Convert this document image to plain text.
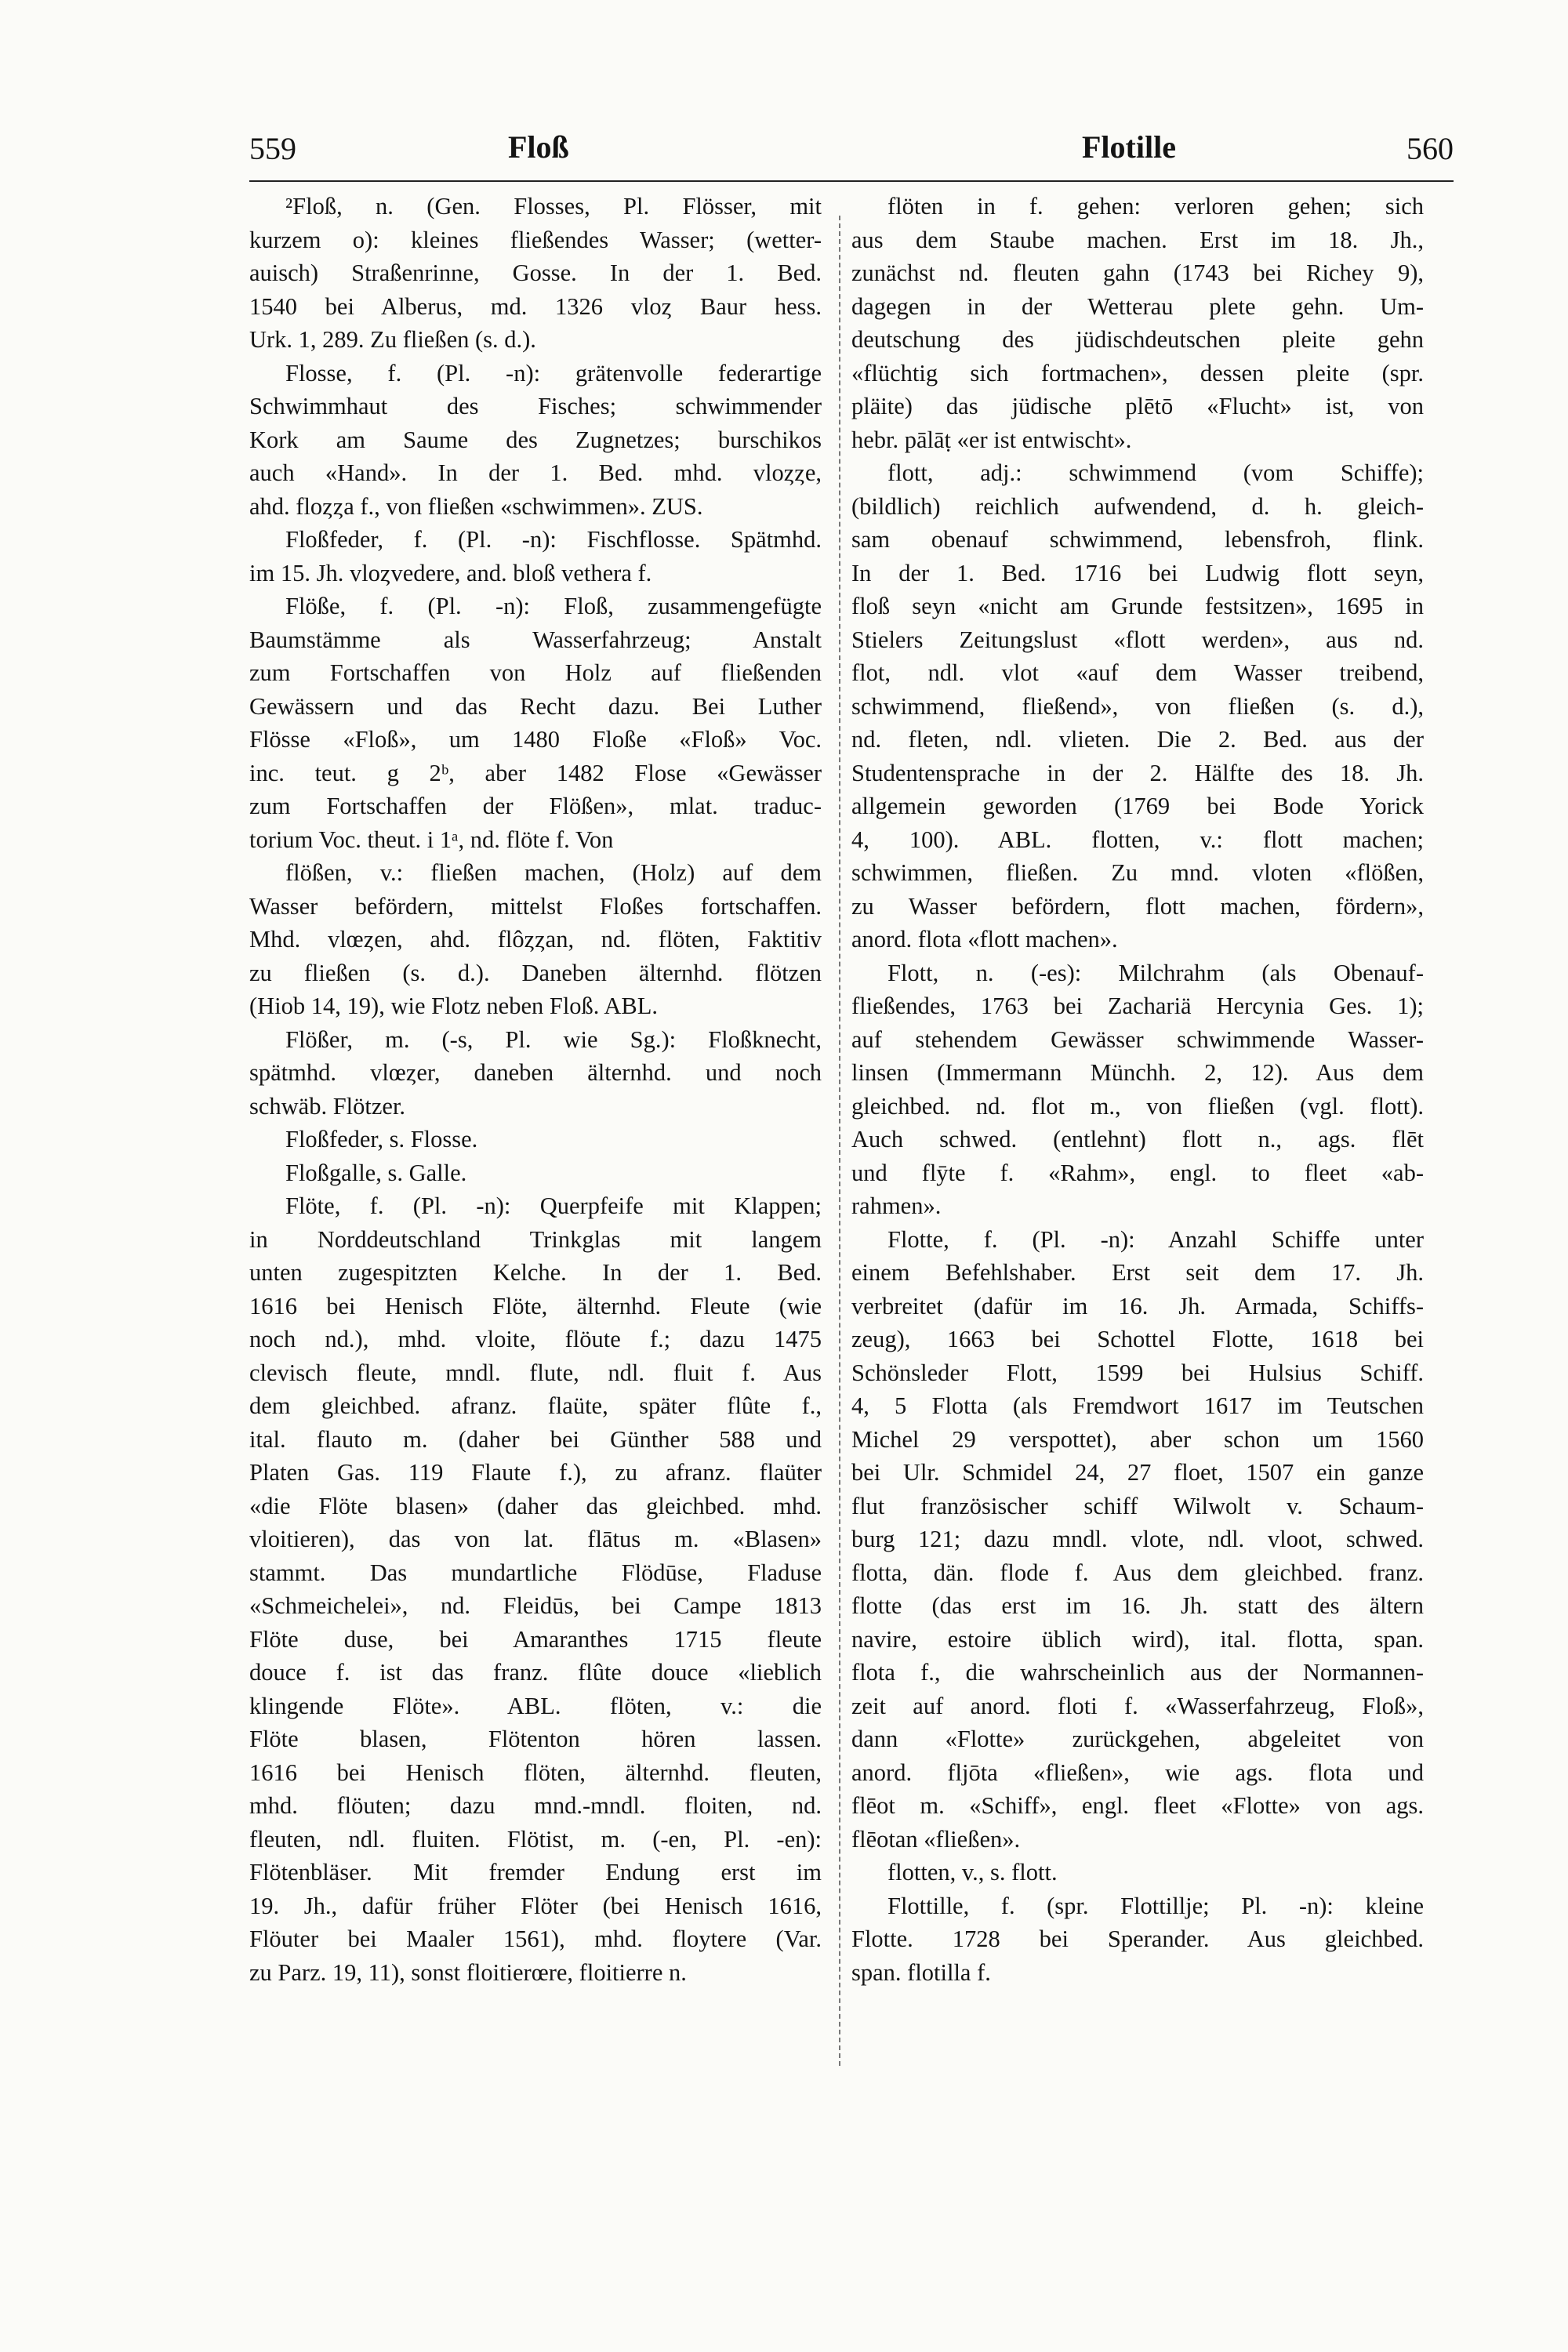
559	Floß	Flotille	560
²Floß, n. (Gen. Flosses, Pl. Flösser, mit
kurzem o): kleines fließendes Wasser; (wetter-
auisch) Straßenrinne, Gosse. In der 1. Bed.
1540 bei Alberus, md. 1326 vloȥ Baur hess.
Urk. 1, 289. Zu fließen (s. d.).
Flosse, f. (Pl. -n): grätenvolle federartige
Schwimmhaut des Fisches; schwimmender
Kork am Saume des Zugnetzes; burschikos
auch «Hand». In der 1. Bed. mhd. vloȥȥe,
ahd. floȥȥa f., von fließen «schwimmen». ZUS.
Floßfeder, f. (Pl. -n): Fischflosse. Spätmhd.
im 15. Jh. vloȥvedere, and. bloß vethera f.
Flöße, f. (Pl. -n): Floß, zusammengefügte
Baumstämme als Wasserfahrzeug; Anstalt
zum Fortschaffen von Holz auf fließenden
Gewässern und das Recht dazu. Bei Luther
Flösse «Floß», um 1480 Floße «Floß» Voc.
inc. teut. g 2ᵇ, aber 1482 Flose «Gewässer
zum Fortschaffen der Flößen», mlat. traduc-
torium Voc. theut. i 1ᵃ, nd. flöte f. Von
flößen, v.: fließen machen, (Holz) auf dem
Wasser befördern, mittelst Floßes fortschaffen.
Mhd. vlœȥen, ahd. flôȥȥan, nd. flöten, Faktitiv
zu fließen (s. d.). Daneben älternhd. flötzen
(Hiob 14, 19), wie Flotz neben Floß. ABL.
Flößer, m. (-s, Pl. wie Sg.): Floßknecht,
spätmhd. vlœȥer, daneben älternhd. und noch
schwäb. Flötzer.
Floßfeder, s. Flosse.
Floßgalle, s. Galle.
Flöte, f. (Pl. -n): Querpfeife mit Klappen;
in Norddeutschland Trinkglas mit langem
unten zugespitzten Kelche. In der 1. Bed.
1616 bei Henisch Flöte, älternhd. Fleute (wie
noch nd.), mhd. vloite, flöute f.; dazu 1475
clevisch fleute, mndl. flute, ndl. fluit f. Aus
dem gleichbed. afranz. flaüte, später flûte f.,
ital. flauto m. (daher bei Günther 588 und
Platen Gas. 119 Flaute f.), zu afranz. flaüter
«die Flöte blasen» (daher das gleichbed. mhd.
vloitieren), das von lat. flātus m. «Blasen»
stammt. Das mundartliche Flödūse, Fladuse
«Schmeichelei», nd. Fleidūs, bei Campe 1813
Flöte duse, bei Amaranthes 1715 fleute
douce f. ist das franz. flûte douce «lieblich
klingende Flöte». ABL. flöten, v.: die
Flöte blasen, Flötenton hören lassen.
1616 bei Henisch flöten, älternhd. fleuten,
mhd. flöuten; dazu mnd.-mndl. floiten, nd.
fleuten, ndl. fluiten. Flötist, m. (-en, Pl. -en):
Flötenbläser. Mit fremder Endung erst im
19. Jh., dafür früher Flöter (bei Henisch 1616,
Flöuter bei Maaler 1561), mhd. floytere (Var.
zu Parz. 19, 11), sonst floitierœre, floitierre n.
flöten in f. gehen: verloren gehen; sich
aus dem Staube machen. Erst im 18. Jh.,
zunächst nd. fleuten gahn (1743 bei Richey 9),
dagegen in der Wetterau plete gehn. Um-
deutschung des jüdischdeutschen pleite gehn
«flüchtig sich fortmachen», dessen pleite (spr.
pläite) das jüdische plētō «Flucht» ist, von
hebr. pālāṭ «er ist entwischt».
flott, adj.: schwimmend (vom Schiffe);
(bildlich) reichlich aufwendend, d. h. gleich-
sam obenauf schwimmend, lebensfroh, flink.
In der 1. Bed. 1716 bei Ludwig flott seyn,
floß seyn «nicht am Grunde festsitzen», 1695 in
Stielers Zeitungslust «flott werden», aus nd.
flot, ndl. vlot «auf dem Wasser treibend,
schwimmend, fließend», von fließen (s. d.),
nd. fleten, ndl. vlieten. Die 2. Bed. aus der
Studentensprache in der 2. Hälfte des 18. Jh.
allgemein geworden (1769 bei Bode Yorick
4, 100). ABL. flotten, v.: flott machen;
schwimmen, fließen. Zu mnd. vloten «flößen,
zu Wasser befördern, flott machen, fördern»,
anord. flota «flott machen».
Flott, n. (-es): Milchrahm (als Obenauf-
fließendes, 1763 bei Zachariä Hercynia Ges. 1);
auf stehendem Gewässer schwimmende Wasser-
linsen (Immermann Münchh. 2, 12). Aus dem
gleichbed. nd. flot m., von fließen (vgl. flott).
Auch schwed. (entlehnt) flott n., ags. flēt
und flȳte f. «Rahm», engl. to fleet «ab-
rahmen».
Flotte, f. (Pl. -n): Anzahl Schiffe unter
einem Befehlshaber. Erst seit dem 17. Jh.
verbreitet (dafür im 16. Jh. Armada, Schiffs-
zeug), 1663 bei Schottel Flotte, 1618 bei
Schönsleder Flott, 1599 bei Hulsius Schiff.
4, 5 Flotta (als Fremdwort 1617 im Teutschen
Michel 29 verspottet), aber schon um 1560
bei Ulr. Schmidel 24, 27 floet, 1507 ein ganze
flut französischer schiff Wilwolt v. Schaum-
burg 121; dazu mndl. vlote, ndl. vloot, schwed.
flotta, dän. flode f. Aus dem gleichbed. franz.
flotte (das erst im 16. Jh. statt des ältern
navire, estoire üblich wird), ital. flotta, span.
flota f., die wahrscheinlich aus der Normannen-
zeit auf anord. floti f. «Wasserfahrzeug, Floß»,
dann «Flotte» zurückgehen, abgeleitet von
anord. fljōta «fließen», wie ags. flota und
flēot m. «Schiff», engl. fleet «Flotte» von ags.
flēotan «fließen».
flotten, v., s. flott.
Flottille, f. (spr. Flottillje; Pl. -n): kleine
Flotte. 1728 bei Sperander. Aus gleichbed.
span. flotilla f.
